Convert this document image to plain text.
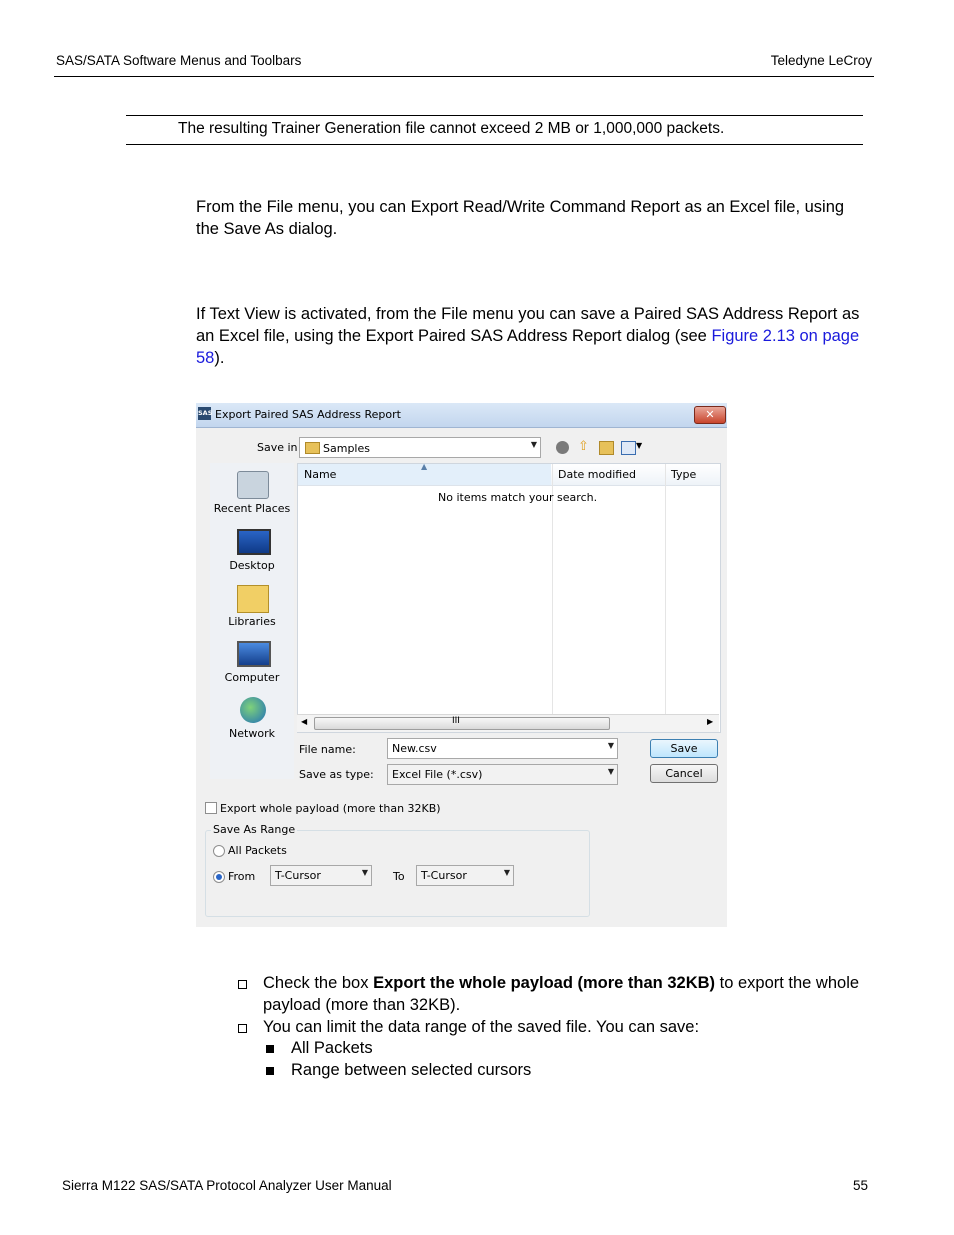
SAS/SATA Software Menus and Toolbars	Teledyne LeCroy
The resulting Trainer Generation file cannot exceed 2 MB or 1,000,000 packets.
From the File menu, you can Export Read/Write Command Report as an Excel file, using the Save As dialog.
If Text View is activated, from the File menu you can save a Paired SAS Address Report as an Excel file, using the Export Paired SAS Address Report dialog (see Figure 2.13 on page 58).
SAS Export Paired SAS Address Report	✕
Save in Samples	▼	⇧	▼
Recent Places
Desktop
Libraries
Computer
Network
Name
▲
Date modified	Type
No items match your search.
◀	III	▶
File name:	New.csv	▼
Save as type: Excel File (*.csv)	▼
Save
Cancel
Export whole payload (more than 32KB)
Save As Range
All Packets
From T-Cursor	▼ To T-Cursor	▼
Check the box Export the whole payload (more than 32KB) to export the whole
payload (more than 32KB).
You can limit the data range of the saved file. You can save:
All Packets
Range between selected cursors
Sierra M122 SAS/SATA Protocol Analyzer User Manual	55
